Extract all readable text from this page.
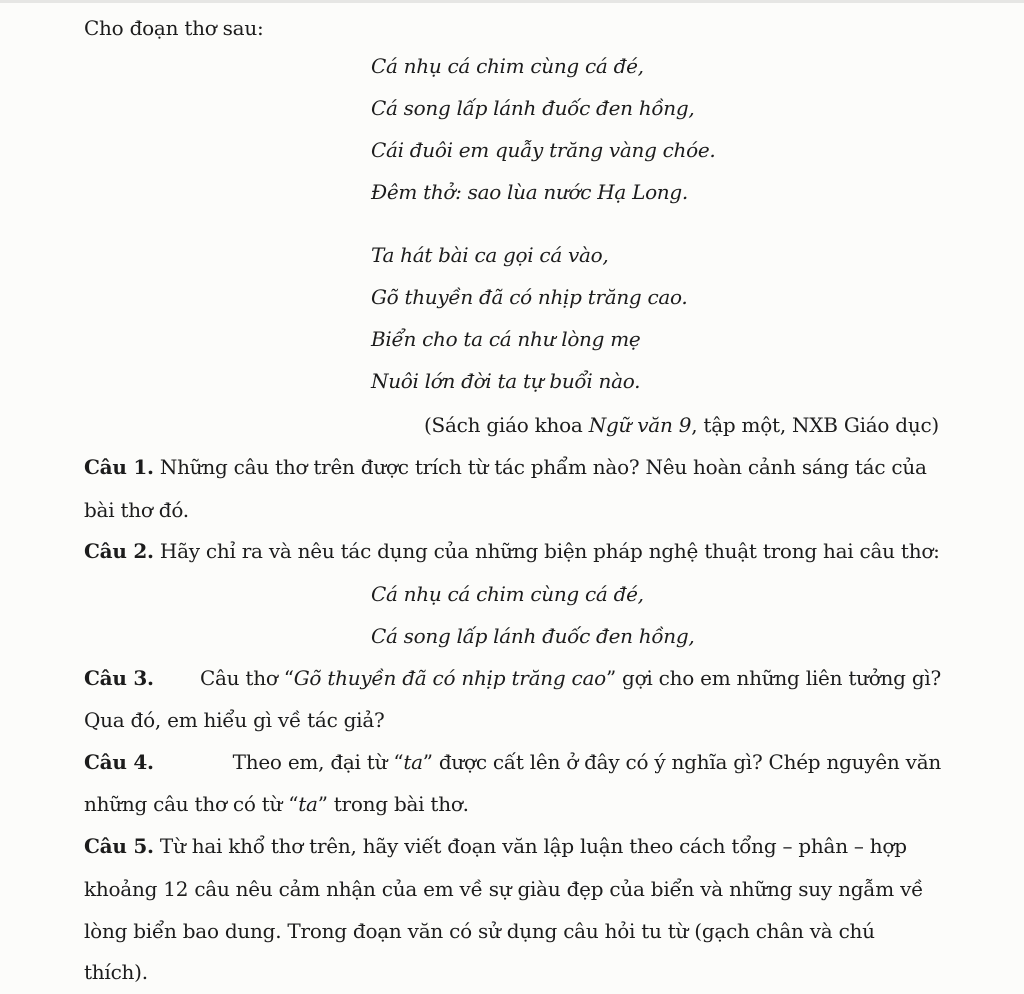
Cho đoạn thơ sau:
Cá nhụ cá chim cùng cá đé,
Cá song lấp lánh đuốc đen hồng,
Cái đuôi em quẫy trăng vàng chóe.
Đêm thở: sao lùa nước Hạ Long.
Ta hát bài ca gọi cá vào,
Gõ thuyền đã có nhịp trăng cao.
Biển cho ta cá như lòng mẹ
Nuôi lớn đời ta tự buổi nào.
(Sách giáo khoa Ngữ văn 9, tập một, NXB Giáo dục)
Câu 1. Những câu thơ trên được trích từ tác phẩm nào? Nêu hoàn cảnh sáng tác của
bài thơ đó.
Câu 2. Hãy chỉ ra và nêu tác dụng của những biện pháp nghệ thuật trong hai câu thơ:
Cá nhụ cá chim cùng cá đé,
Cá song lấp lánh đuốc đen hồng,
Câu 3. Câu thơ “Gõ thuyền đã có nhịp trăng cao” gợi cho em những liên tưởng gì?
Qua đó, em hiểu gì về tác giả?
Câu 4.	Theo em, đại từ “ta” được cất lên ở đây có ý nghĩa gì? Chép nguyên văn
những câu thơ có từ “ta” trong bài thơ.
Câu 5. Từ hai khổ thơ trên, hãy viết đoạn văn lập luận theo cách tổng – phân – hợp
khoảng 12 câu nêu cảm nhận của em về sự giàu đẹp của biển và những suy ngẫm về
lòng biển bao dung. Trong đoạn văn có sử dụng câu hỏi tu từ (gạch chân và chú
thích).
